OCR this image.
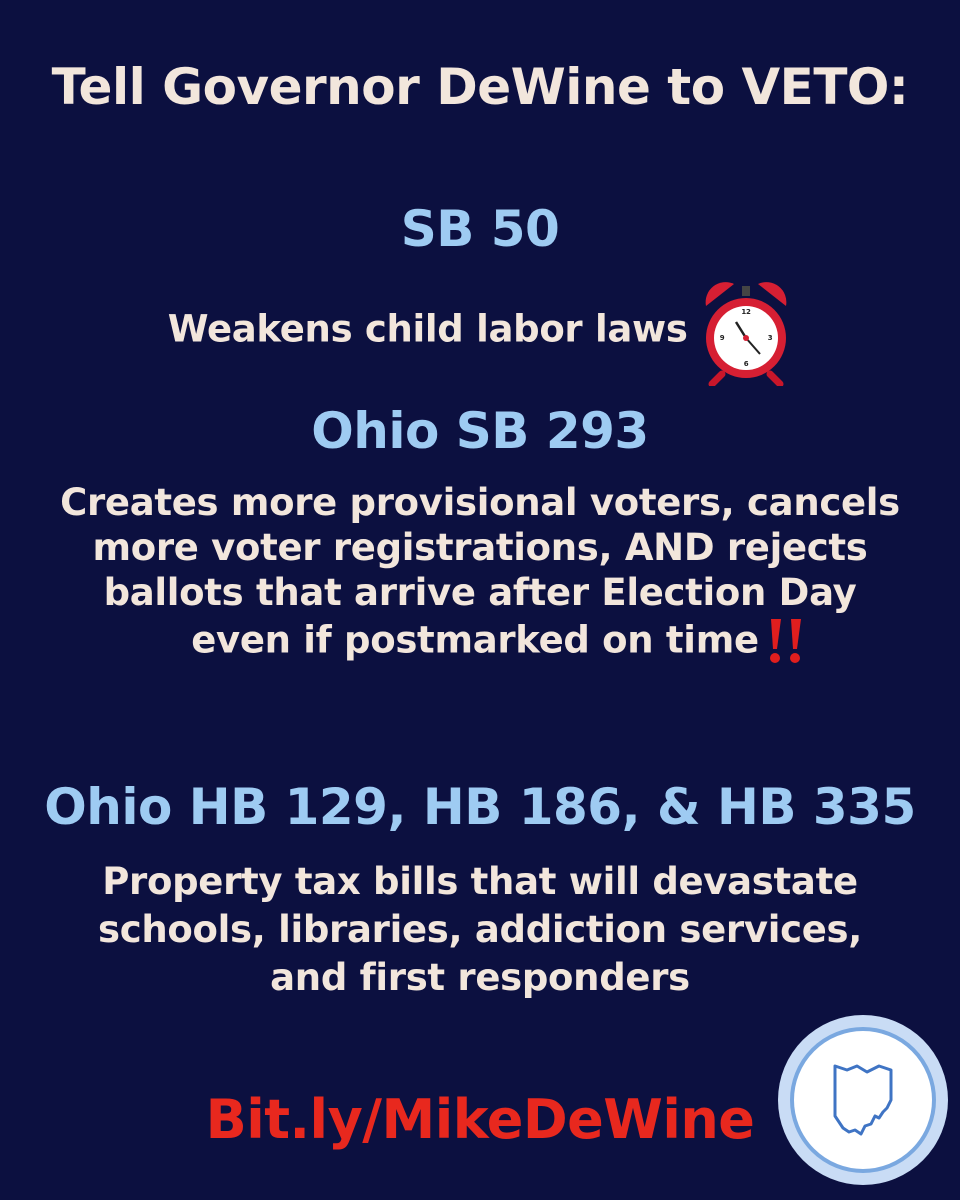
Tell Governor DeWine to VETO:
SB 50

Weakens child labor laws	12
3
6
9

Ohio SB 293
Creates more provisional voters, cancels
more voter registrations, AND rejects
ballots that arrive after Election Day
even if postmarked on time
Ohio HB 129, HB 186, & HB 335
Property tax bills that will devastate
schools, libraries, addiction services,
and first responders

Bit.ly/MikeDeWine
